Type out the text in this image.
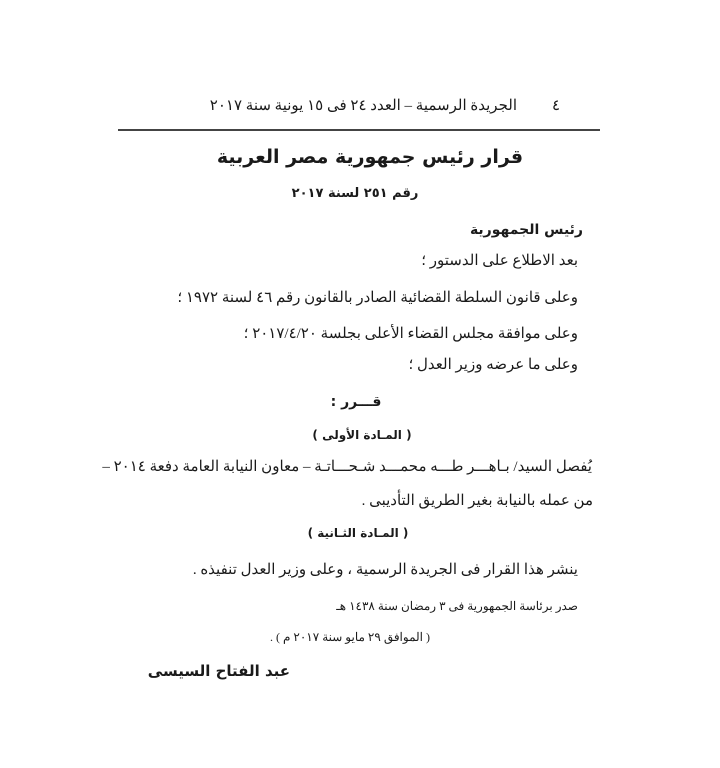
٤
الجريدة الرسمية – العدد ٢٤ فى ١٥ يونية سنة ٢٠١٧
قرار رئيس جمهورية مصر العربية
رقم ٢٥١ لسنة ٢٠١٧
رئيس الجمهورية
بعد الاطلاع على الدستور ؛
وعلى قانون السلطة القضائية الصادر بالقانون رقم ٤٦ لسنة ١٩٧٢ ؛
وعلى موافقة مجلس القضاء الأعلى بجلسة ٢٠١٧/٤/٢٠ ؛
وعلى ما عرضه وزير العدل ؛
قـــرر :
( المـادة الأولى )
يُفصل السيد/ بـاهـــر طـــه محمـــد شـحـــاتـة – معاون النيابة العامة دفعة ٢٠١٤ –
من عمله بالنيابة بغير الطريق التأديبى .
( المـادة الثـانية )
ينشر هذا القرار فى الجريدة الرسمية ، وعلى وزير العدل تنفيذه .
صدر برئاسة الجمهورية فى ٣ رمضان سنة ١٤٣٨ هـ
( الموافق ٢٩ مايو سنة ٢٠١٧ م ) .
عبد الفتاح السيسى
